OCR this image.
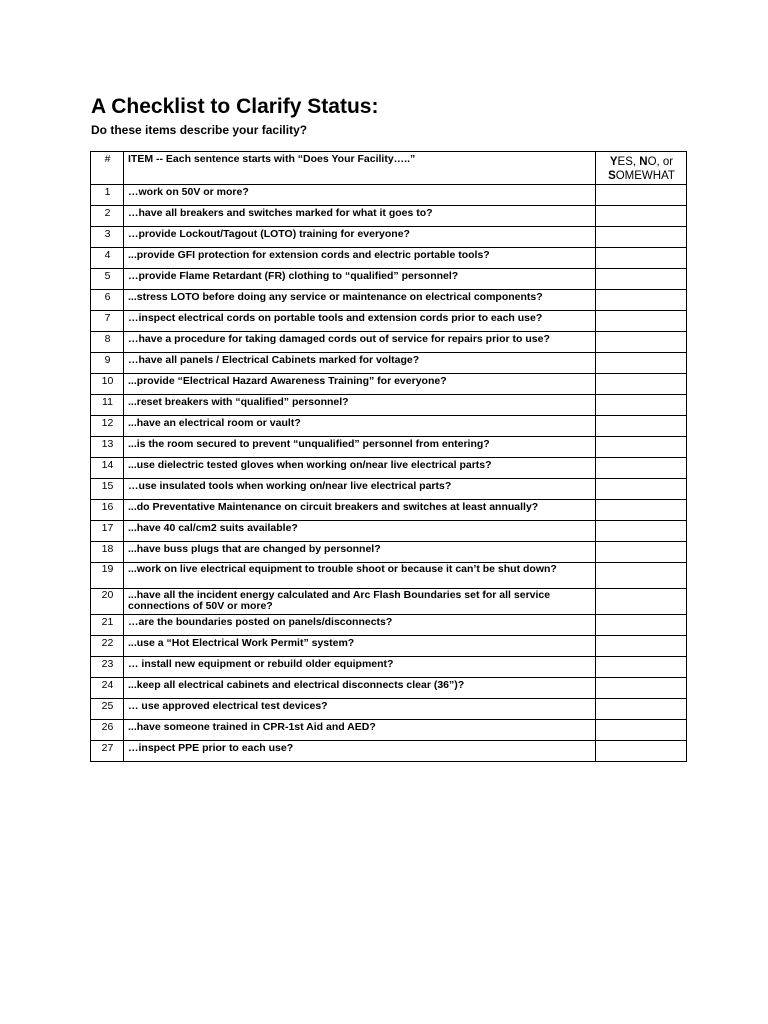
A Checklist to Clarify Status:
Do these items describe your facility?
#	ITEM -- Each sentence starts with “Does Your Facility…..”	YES, NO, or
SOMEWHAT
1	…work on 50V or more?	
2	…have all breakers and switches marked for what it goes to?	
3	…provide Lockout/Tagout (LOTO) training for everyone?	
4	...provide GFI protection for extension cords and electric portable tools?	
5	…provide Flame Retardant (FR) clothing to “qualified” personnel?	
6	...stress LOTO before doing any service or maintenance on electrical components?	
7	…inspect electrical cords on portable tools and extension cords prior to each use?	
8	…have a procedure for taking damaged cords out of service for repairs prior to use?	
9	…have all panels / Electrical Cabinets marked for voltage?	
10	...provide “Electrical Hazard Awareness Training” for everyone?	
11	...reset breakers with “qualified” personnel?	
12	...have an electrical room or vault?	
13	...is the room secured to prevent “unqualified” personnel from entering?	
14	...use dielectric tested gloves when working on/near live electrical parts?	
15	…use insulated tools when working on/near live electrical parts?	
16	...do Preventative Maintenance on circuit breakers and switches at least annually?	
17	...have 40 cal/cm2 suits available?	
18	...have buss plugs that are changed by personnel?	
19	...work on live electrical equipment to trouble shoot or because it can’t be shut down?	
20	...have all the incident energy calculated and Arc Flash Boundaries set for all service connections of 50V or more?	
21	…are the boundaries posted on panels/disconnects?	
22	...use a “Hot Electrical Work Permit” system?	
23	… install new equipment or rebuild older equipment?	
24	...keep all electrical cabinets and electrical disconnects clear (36”)?	
25	… use approved electrical test devices?	
26	...have someone trained in CPR-1st Aid and AED?	
27	…inspect PPE prior to each use?	
